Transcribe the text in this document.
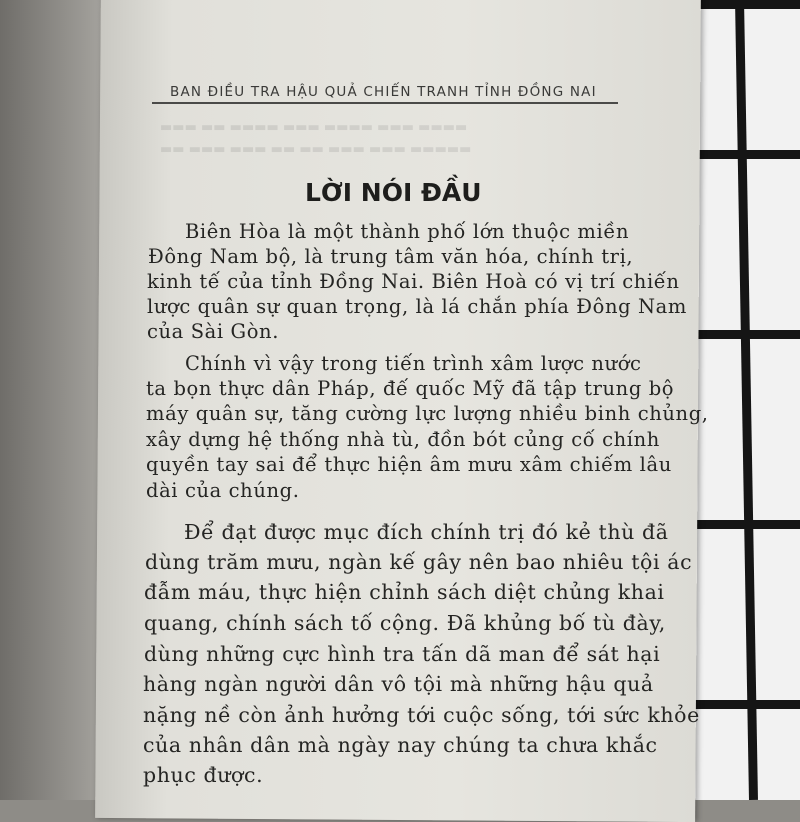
▬▬▬ ▬▬ ▬▬▬▬ ▬▬▬ ▬▬▬▬ ▬▬▬ ▬▬▬▬
▬▬ ▬▬▬ ▬▬▬ ▬▬ ▬▬ ▬▬▬ ▬▬▬ ▬▬▬▬▬
BAN ĐIỀU TRA HẬU QUẢ CHIẾN TRANH TỈNH ĐỒNG NAI
LỜI NÓI ĐẦU
Biên Hòa là một thành phố lớn thuộc miền
Đông Nam bộ, là trung tâm văn hóa, chính trị,
kinh tế của tỉnh Đồng Nai. Biên Hoà có vị trí chiến
lược quân sự quan trọng, là lá chắn phía Đông Nam
của Sài Gòn.
Chính vì vậy trong tiến trình xâm lược nước
ta bọn thực dân Pháp, đế quốc Mỹ đã tập trung bộ
máy quân sự, tăng cường lực lượng nhiều binh chủng,
xây dựng hệ thống nhà tù, đồn bót củng cố chính
quyền tay sai để thực hiện âm mưu xâm chiếm lâu
dài của chúng.
Để đạt được mục đích chính trị đó kẻ thù đã
dùng trăm mưu, ngàn kế gây nên bao nhiêu tội ác
đẫm máu, thực hiện chỉnh sách diệt chủng khai
quang, chính sách tố cộng. Đã khủng bố tù đày,
dùng những cực hình tra tấn dã man để sát hại
hàng ngàn người dân vô tội mà những hậu quả
nặng nề còn ảnh hưởng tới cuộc sống, tới sức khỏe
của nhân dân mà ngày nay chúng ta chưa khắc
phục được.
